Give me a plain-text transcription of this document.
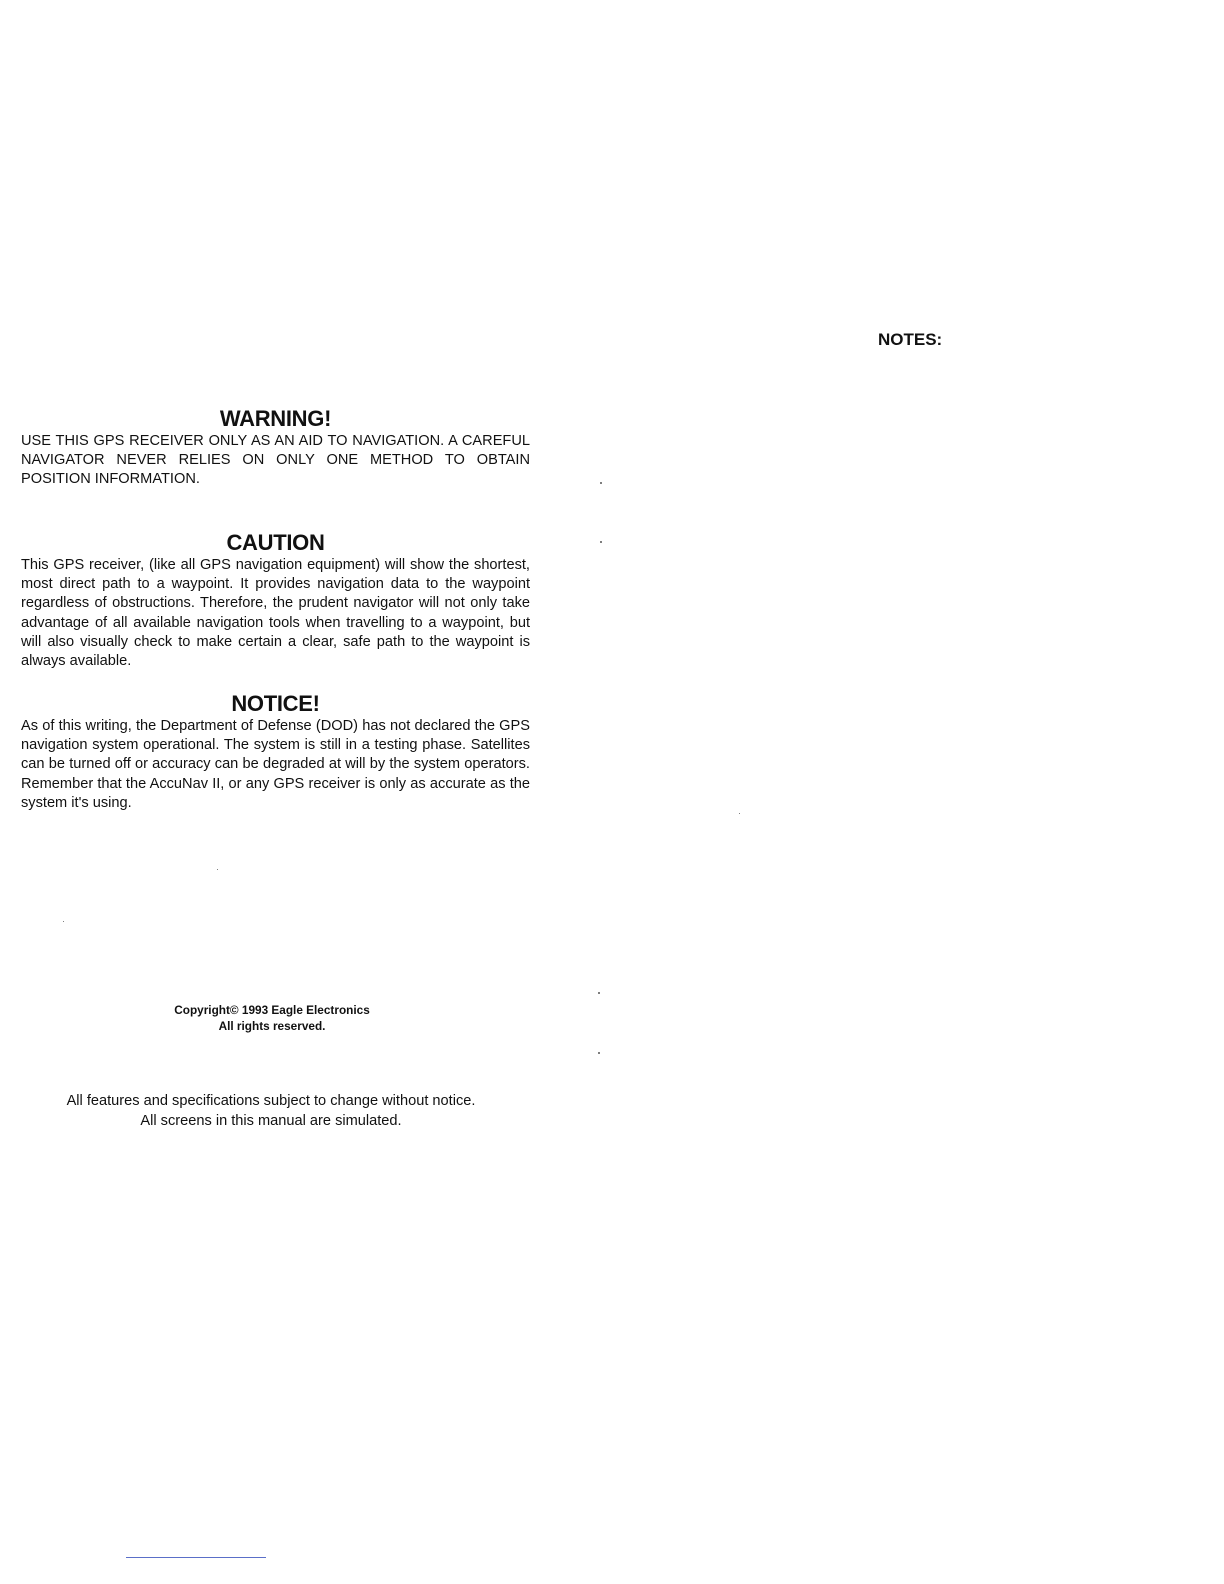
NOTES:
WARNING!
USE THIS GPS RECEIVER ONLY AS AN AID TO NAVIGATION. A CAREFUL NAVIGATOR NEVER RELIES ON ONLY ONE METHOD TO OBTAIN POSITION INFORMATION.
CAUTION
This GPS receiver, (like all GPS navigation equipment) will show the shortest, most direct path to a waypoint. It provides navigation data to the waypoint regardless of obstructions. Therefore, the prudent navigator will not only take advantage of all available navigation tools when travelling to a waypoint, but will also visually check to make certain a clear, safe path to the waypoint is always available.
NOTICE!
As of this writing, the Department of Defense (DOD) has not declared the GPS navigation system operational. The system is still in a testing phase. Satellites can be turned off or accuracy can be degraded at will by the system operators. Remember that the AccuNav II, or any GPS receiver is only as accurate as the system it's using.
Copyright© 1993 Eagle Electronics
All rights reserved.
All features and specifications subject to change without notice.
All screens in this manual are simulated.
